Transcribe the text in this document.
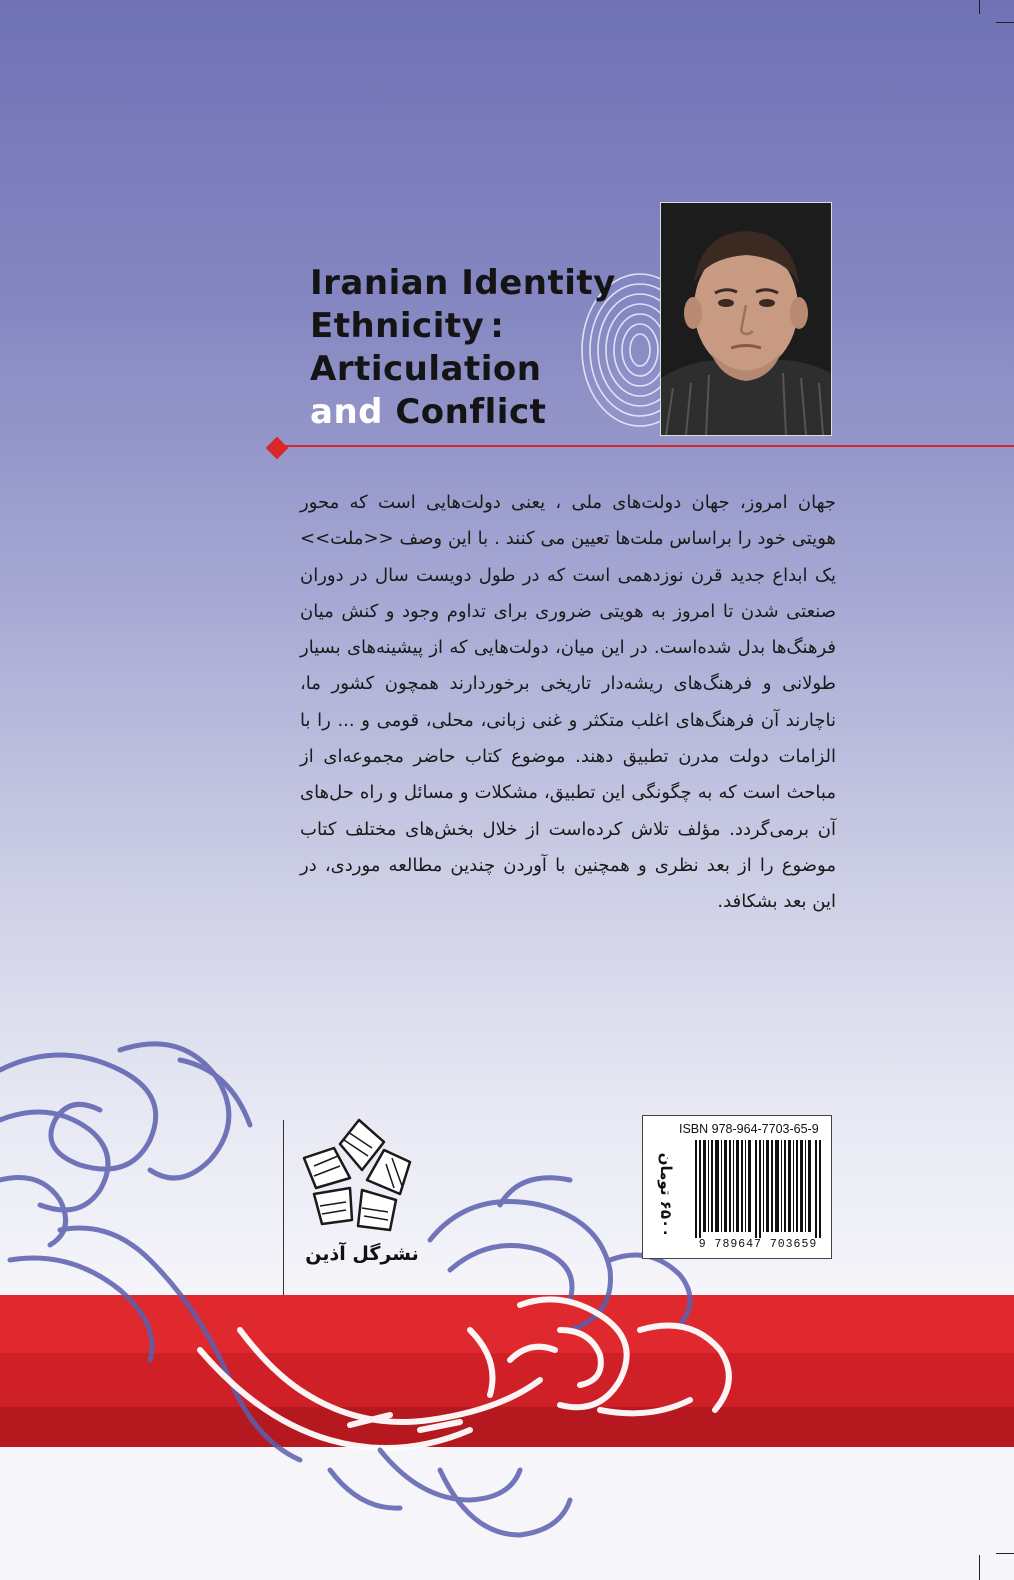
Iranian Identity
Ethnicity :
Articulation
and Conflict
جهان امروز، جهان دولت‌های ملی ، یعنی دولت‌هایی است که محور هویتی خود را براساس ملت‌ها تعیین می کنند . با این وصف <<ملت>> یک ابداع جدید قرن نوزدهمی است که در طول دویست سال در دوران صنعتی شدن تا امروز به هویتی ضروری برای تداوم وجود و کنش میان فرهنگ‌ها بدل شده‌است. در این میان، دولت‌هایی که از پیشینه‌های بسیار طولانی و فرهنگ‌های ریشه‌دار تاریخی برخوردارند همچون کشور ما، ناچارند آن فرهنگ‌های اغلب متکثر و غنی زبانی، محلی، قومی و ... را با الزامات دولت مدرن تطبیق دهند. موضوع کتاب حاضر مجموعه‌ای از مباحث است که به چگونگی این تطبیق، مشکلات و مسائل و راه حل‌های آن برمی‌گردد. مؤلف تلاش کرده‌است از خلال بخش‌های مختلف کتاب موضوع را از بعد نظری و همچنین با آوردن چندین مطالعه موردی، در این بعد بشکافد.
نشرگل آذین
ISBN 978-964-7703-65-9
۶۵۰۰ تومان
9 789647 703659
